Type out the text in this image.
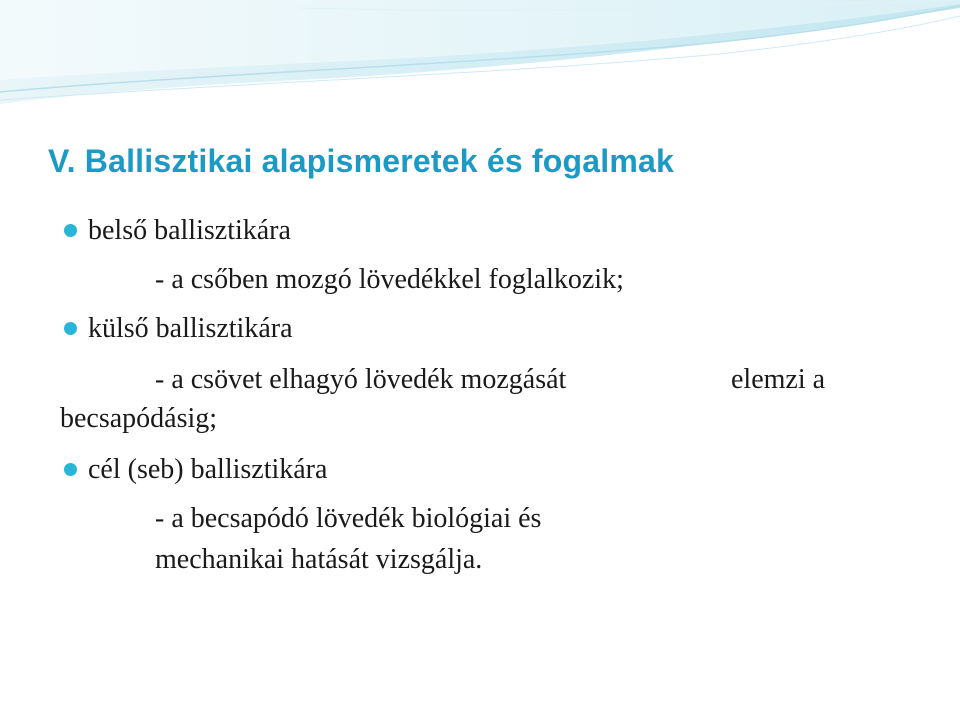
V. Ballisztikai alapismeretek és fogalmak
belső ballisztikára
- a csőben mozgó lövedékkel foglalkozik;
külső ballisztikára
- a csövet elhagyó lövedék mozgását	elemzi a
becsapódásig;
cél (seb) ballisztikára
- a becsapódó lövedék biológiai és
mechanikai hatását vizsgálja.
